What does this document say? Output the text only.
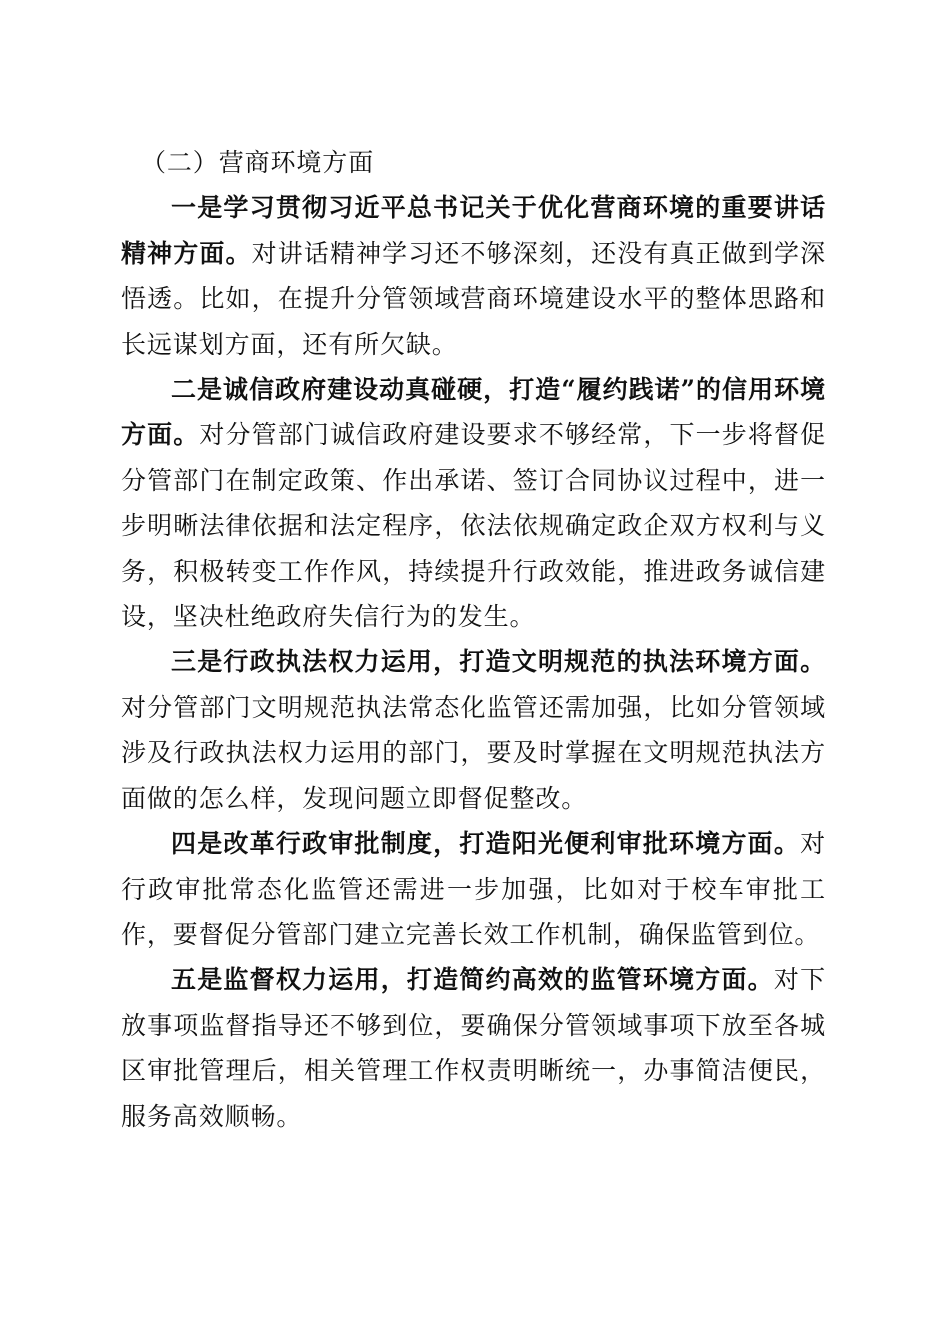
（二）营商环境方面

一是学习贯彻习近平总书记关于优化营商环境的重要讲话精神方面。对讲话精神学习还不够深刻，还没有真正做到学深悟透。比如，在提升分管领域营商环境建设水平的整体思路和长远谋划方面，还有所欠缺。

二是诚信政府建设动真碰硬，打造“履约践诺”的信用环境方面。对分管部门诚信政府建设要求不够经常，下一步将督促分管部门在制定政策、作出承诺、签订合同协议过程中，进一步明晰法律依据和法定程序，依法依规确定政企双方权利与义务，积极转变工作作风，持续提升行政效能，推进政务诚信建设，坚决杜绝政府失信行为的发生。

三是行政执法权力运用，打造文明规范的执法环境方面。对分管部门文明规范执法常态化监管还需加强，比如分管领域涉及行政执法权力运用的部门，要及时掌握在文明规范执法方面做的怎么样，发现问题立即督促整改。

四是改革行政审批制度，打造阳光便利审批环境方面。对行政审批常态化监管还需进一步加强，比如对于校车审批工作，要督促分管部门建立完善长效工作机制，确保监管到位。

五是监督权力运用，打造简约高效的监管环境方面。对下放事项监督指导还不够到位，要确保分管领域事项下放至各城区审批管理后，相关管理工作权责明晰统一，办事简洁便民，服务高效顺畅。
